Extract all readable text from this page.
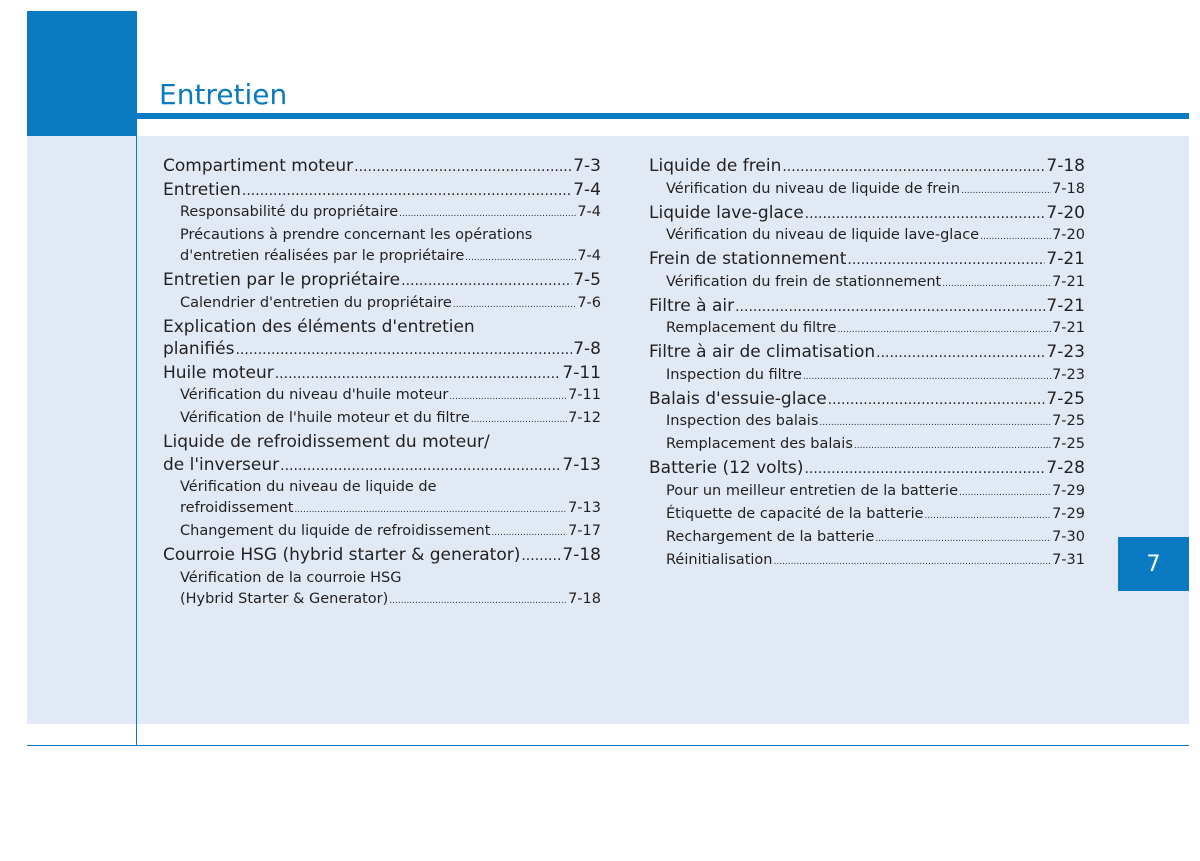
Entretien
7
Compartiment moteur .....	7-3
Entretien .....	7-4
Responsabilité du propriétaire .....	7-4
Précautions à prendre concernant les opérations
d'entretien réalisées par le propriétaire .....	7-4
Entretien par le propriétaire .....	7-5
Calendrier d'entretien du propriétaire .....	7-6
Explication des éléments d'entretien
planifiés .....	7-8
Huile moteur .....	7-11
Vérification du niveau d'huile moteur .....	7-11
Vérification de l'huile moteur et du filtre .....	7-12
Liquide de refroidissement du moteur/
de l'inverseur .....	7-13
Vérification du niveau de liquide de
refroidissement .....	7-13
Changement du liquide de refroidissement .....	7-17
Courroie HSG (hybrid starter & generator) ..... 7-18
Vérification de la courroie HSG
(Hybrid Starter & Generator) .....	7-18
Liquide de frein .....	7-18
Vérification du niveau de liquide de frein .....	7-18
Liquide lave-glace .....	7-20
Vérification du niveau de liquide lave-glace .....	7-20
Frein de stationnement .....	7-21
Vérification du frein de stationnement .....	7-21
Filtre à air .....	7-21
Remplacement du filtre .....	7-21
Filtre à air de climatisation .....	7-23
Inspection du filtre .....	7-23
Balais d'essuie-glace .....	7-25
Inspection des balais .....	7-25
Remplacement des balais .....	7-25
Batterie (12 volts) .....	7-28
Pour un meilleur entretien de la batterie .....	7-29
Étiquette de capacité de la batterie .....	7-29
Rechargement de la batterie .....	7-30
Réinitialisation .....	7-31
